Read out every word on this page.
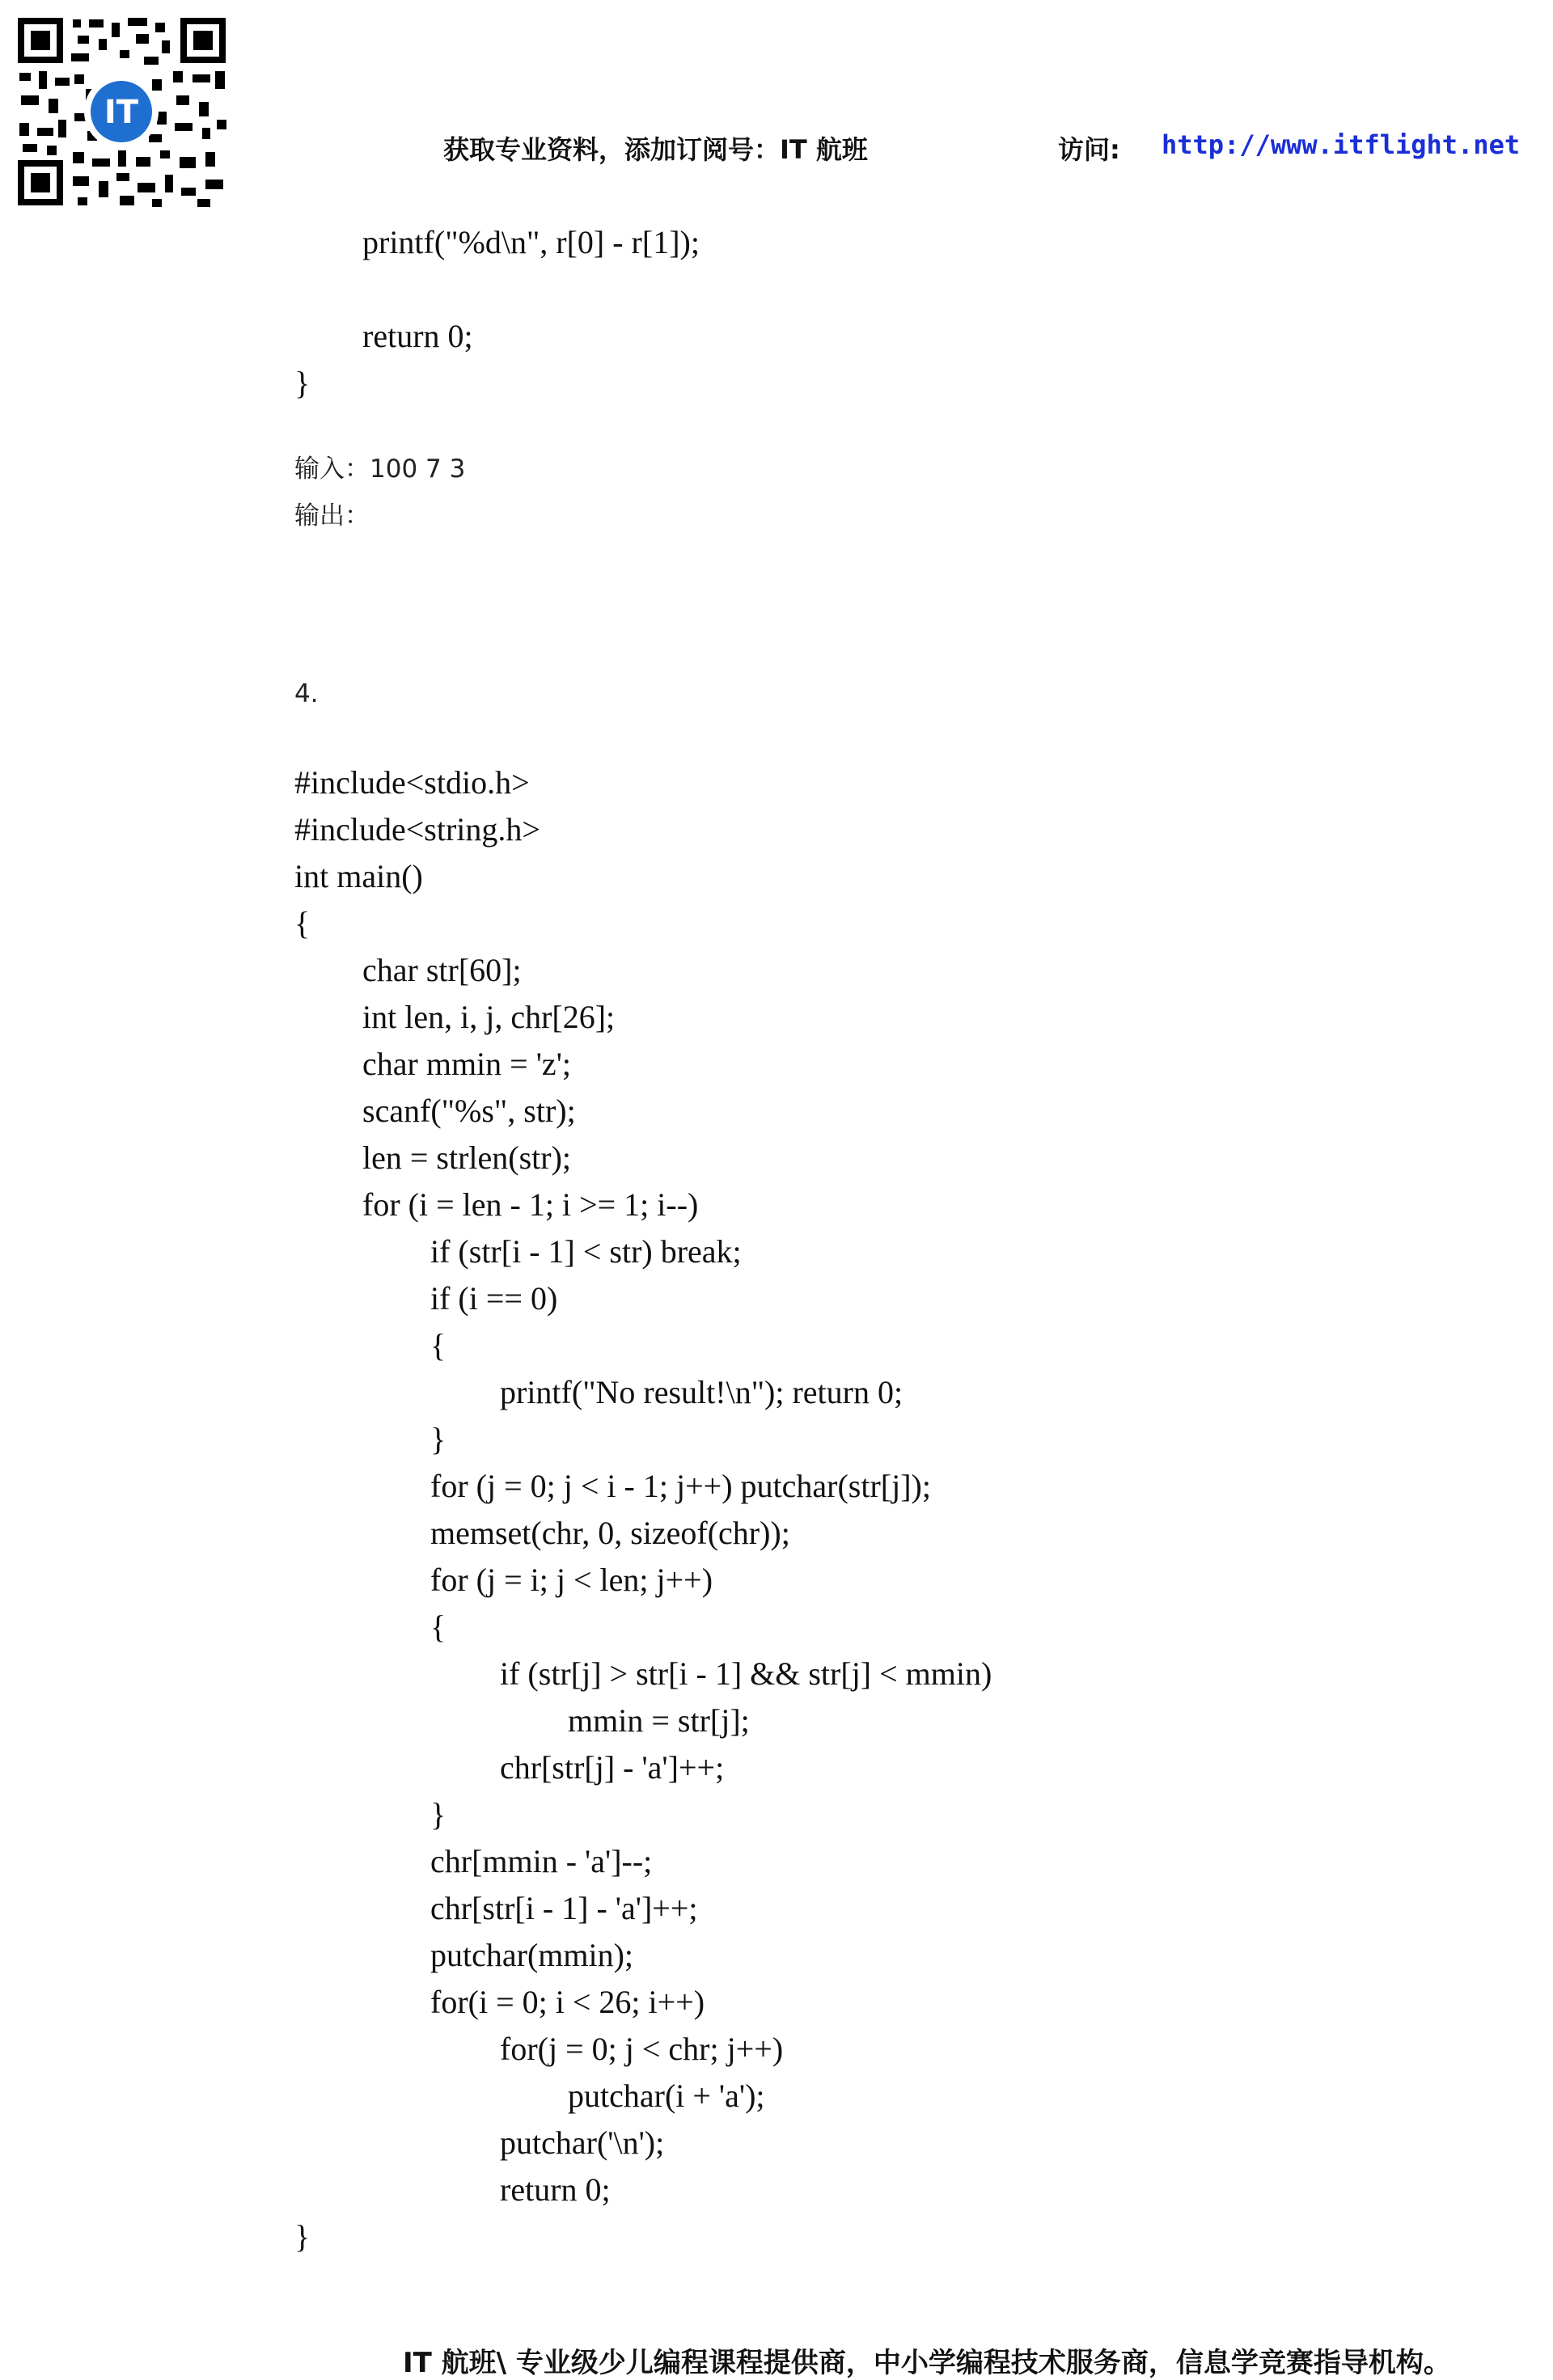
IT
获取专业资料，添加订阅号：IT 航班	访问: http://www.itflight.net
printf("%d\n", r[0] - r[1]);
return 0;
}
输入：100 7 3
输出：
4.
#include<stdio.h>
#include<string.h>
int main()
{
char str[60];
int len, i, j, chr[26];
char mmin = 'z';
scanf("%s", str);
len = strlen(str);
for (i = len - 1; i >= 1; i--)
if (str[i - 1] < str) break;
if (i == 0)
{
printf("No result!\n"); return 0;
}
for (j = 0; j < i - 1; j++) putchar(str[j]);
memset(chr, 0, sizeof(chr));
for (j = i; j < len; j++)
{
if (str[j] > str[i - 1] && str[j] < mmin)
mmin = str[j];
chr[str[j] - 'a']++;
}
chr[mmin - 'a']--;
chr[str[i - 1] - 'a']++;
putchar(mmin);
for(i = 0; i < 26; i++)
for(j = 0; j < chr; j++)
putchar(i + 'a');
putchar('\n');
return 0;
}
IT 航班\ 专业级少儿编程课程提供商，中小学编程技术服务商，信息学竞赛指导机构。
